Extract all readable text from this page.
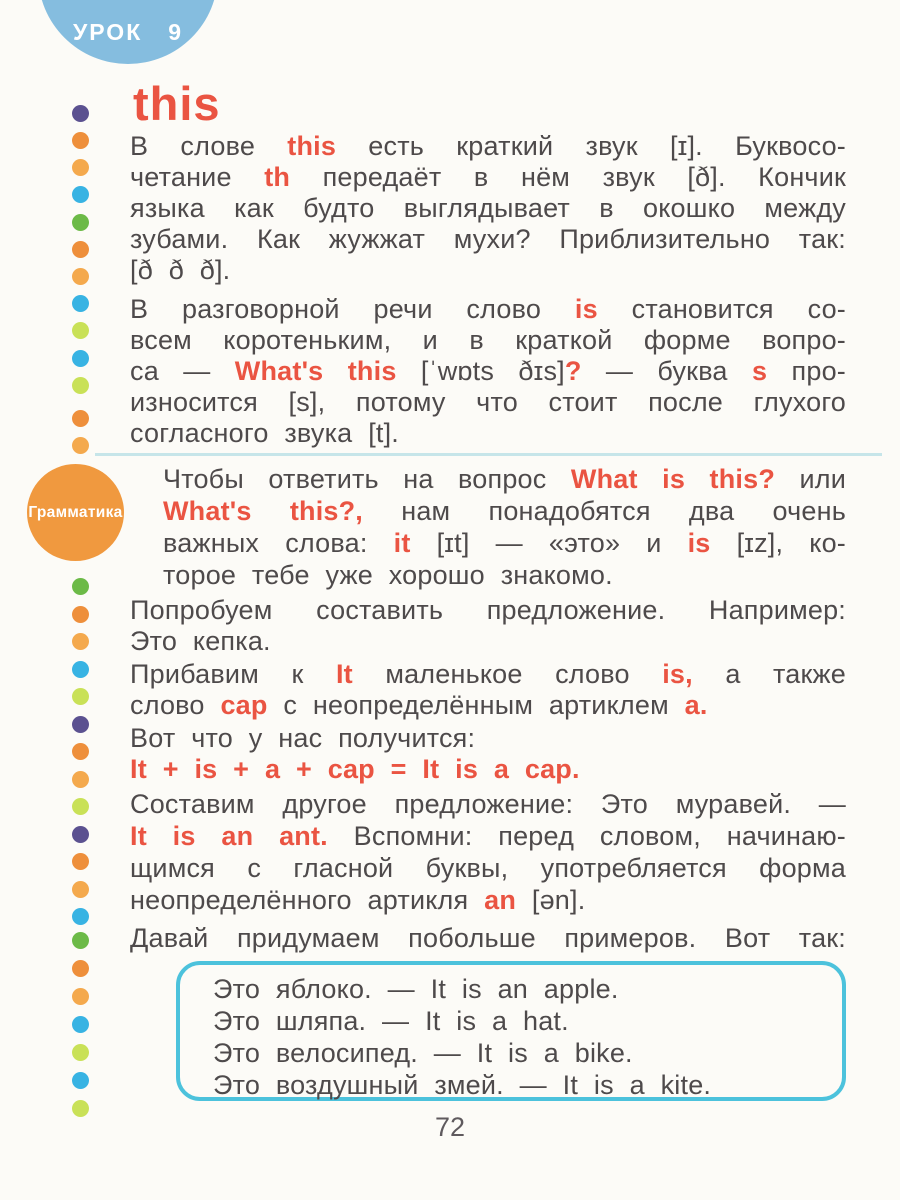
УРОК 9
this
В слове this есть краткий звук [ɪ]. Буквосо-
четание th передаёт в нём звук [ð]. Кончик
языка как будто выглядывает в окошко между
зубами. Как жужжат мухи? Приблизительно так:
[ð ð ð].
В разговорной речи слово is становится со-
всем коротеньким, и в краткой форме вопро-
са — What's this [ˈwɒts ðɪs]? — буква s про-
износится [s], потому что стоит после глухого
согласного звука [t].
Грамматика
Чтобы ответить на вопрос What is this? или
What's this?, нам понадобятся два очень
важных слова: it [ɪt] — «это» и is [ɪz], ко-
торое тебе уже хорошо знакомо.
Попробуем составить предложение. Например:
Это кепка.
Прибавим к It маленькое слово is, а также
слово cap с неопределённым артиклем a.
Вот что у нас получится:
It + is + a + cap = It is a cap.
Составим другое предложение: Это муравей. —
It is an ant. Вспомни: перед словом, начинаю-
щимся с гласной буквы, употребляется форма
неопределённого артикля an [ən].
Давай придумаем побольше примеров. Вот так:
Это яблоко. — It is an apple.
Это шляпа. — It is a hat.
Это велосипед. — It is a bike.
Это воздушный змей. — It is a kite.
72
